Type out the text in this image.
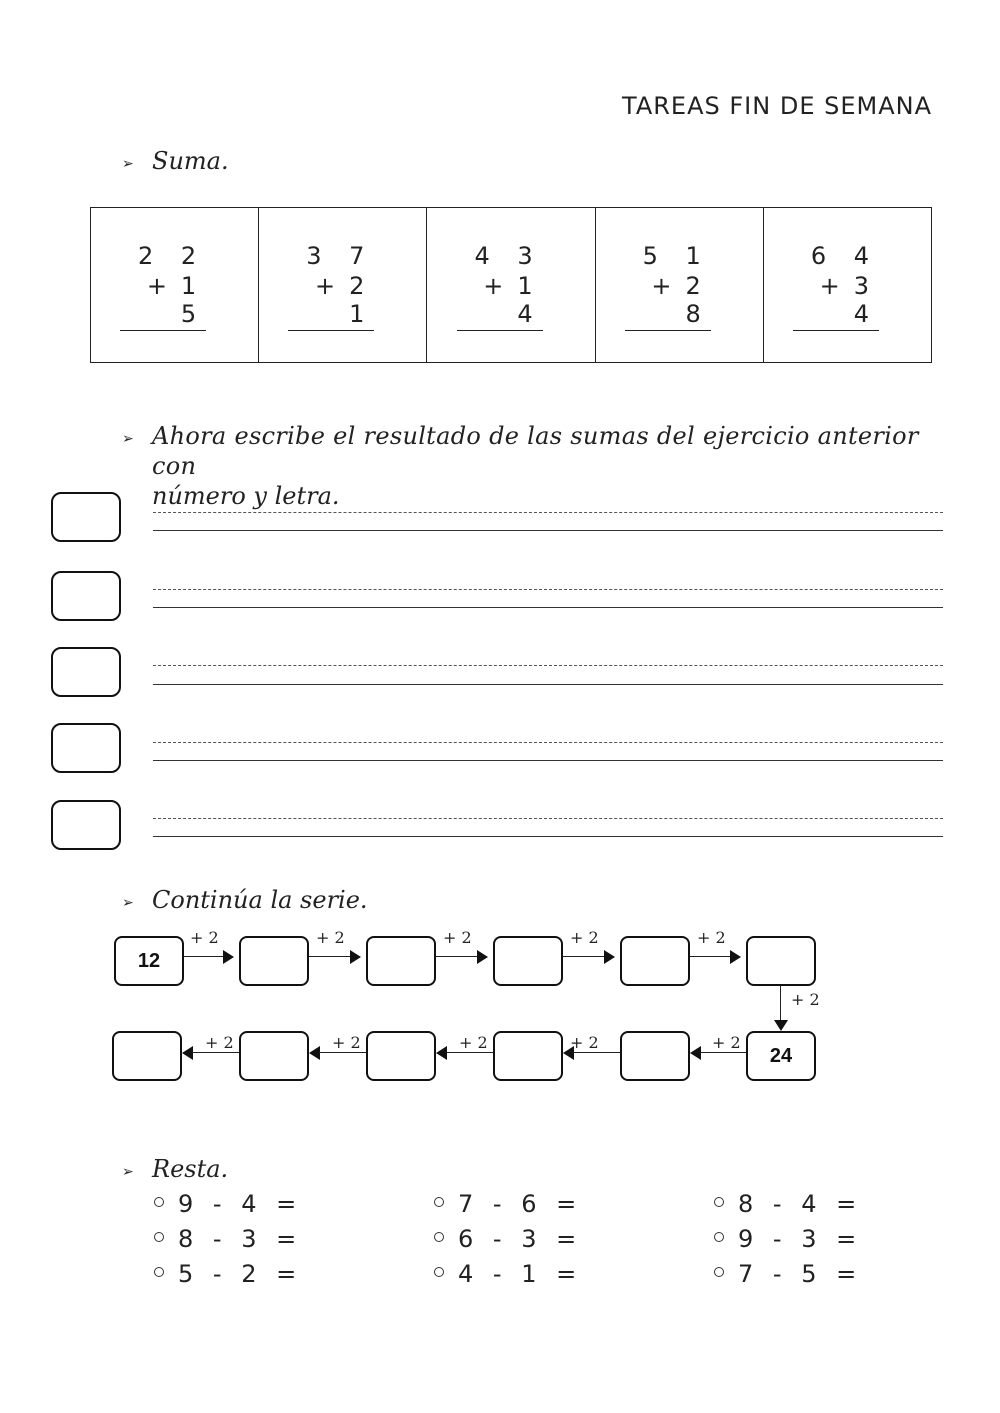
TAREAS FIN DE SEMANA
➢ Suma.
2 2
+1 5
3 7
+2 1
4 3
+1 4
5 1
+2 8
6 4
+3 4
➢ Ahora escribe el resultado de las sumas del ejercicio anterior con
número y letra.
➢ Continúa la serie.
12
+ 2	+ 2	+ 2	+ 2	+ 2
+ 2
24
+ 2
+ 2
+ 2
+ 2
+ 2
➢ Resta.
9 - 4 =
8 - 3 =
5 - 2 =
7 - 6 =
6 - 3 =
4 - 1 =
8 - 4 =
9 - 3 =
7 - 5 =
